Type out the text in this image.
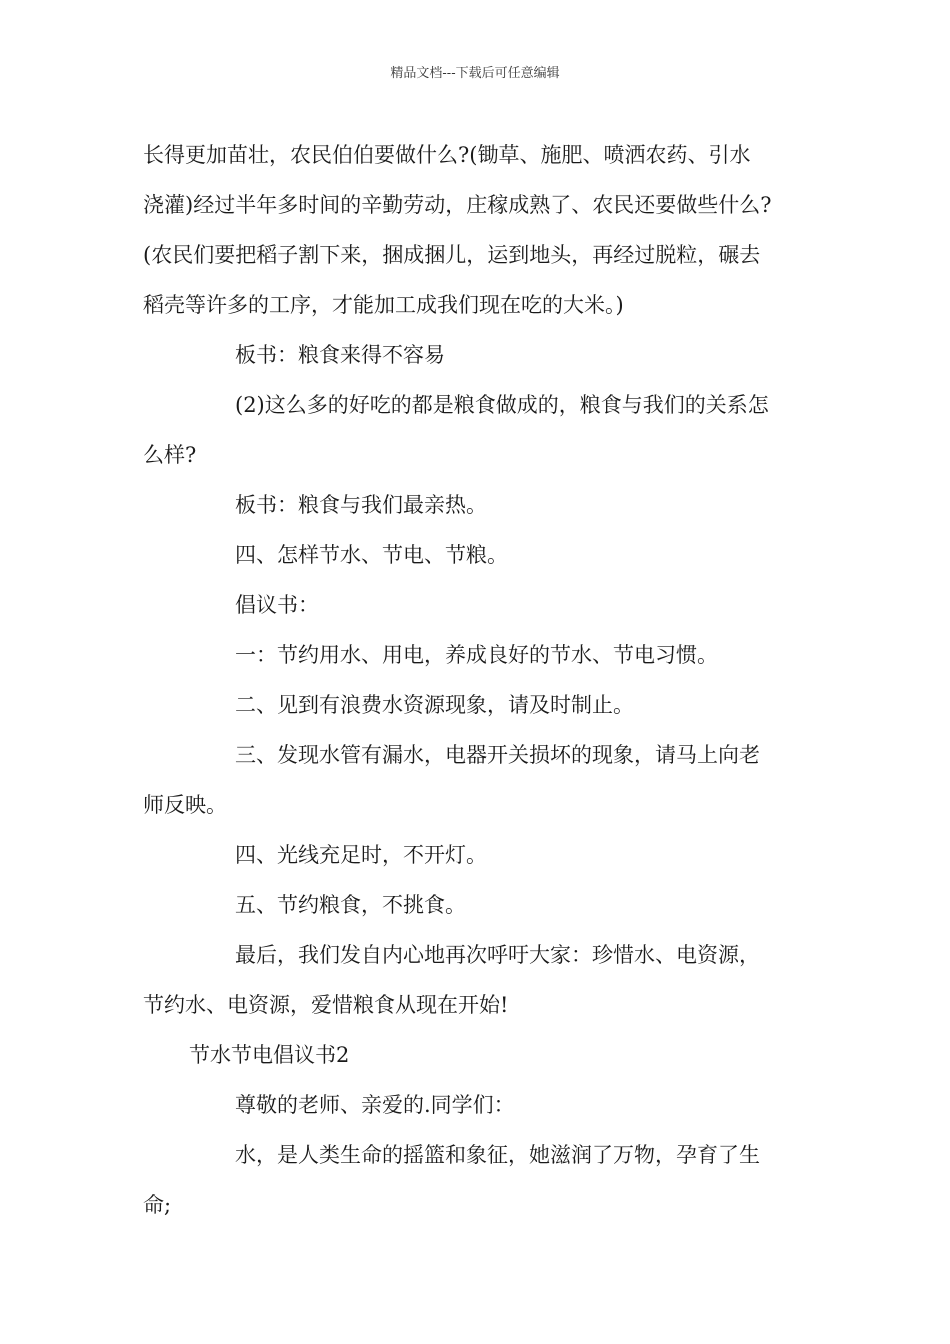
精品文档---下载后可任意编辑
长得更加苗壮，农民伯伯要做什么?(锄草、施肥、喷洒农药、引水
浇灌)经过半年多时间的辛勤劳动，庄稼成熟了、农民还要做些什么?
(农民们要把稻子割下来，捆成捆儿，运到地头，再经过脱粒，碾去
稻壳等许多的工序，才能加工成我们现在吃的大米。)
板书：粮食来得不容易
(2)这么多的好吃的都是粮食做成的，粮食与我们的关系怎
么样?
板书：粮食与我们最亲热。
四、怎样节水、节电、节粮。
倡议书：
一：节约用水、用电，养成良好的节水、节电习惯。
二、见到有浪费水资源现象，请及时制止。
三、发现水管有漏水，电器开关损坏的现象，请马上向老
师反映。
四、光线充足时，不开灯。
五、节约粮食，不挑食。
最后，我们发自内心地再次呼吁大家：珍惜水、电资源，
节约水、电资源，爱惜粮食从现在开始!
节水节电倡议书2
尊敬的老师、亲爱的.同学们：
水，是人类生命的摇篮和象征，她滋润了万物，孕育了生
命;
